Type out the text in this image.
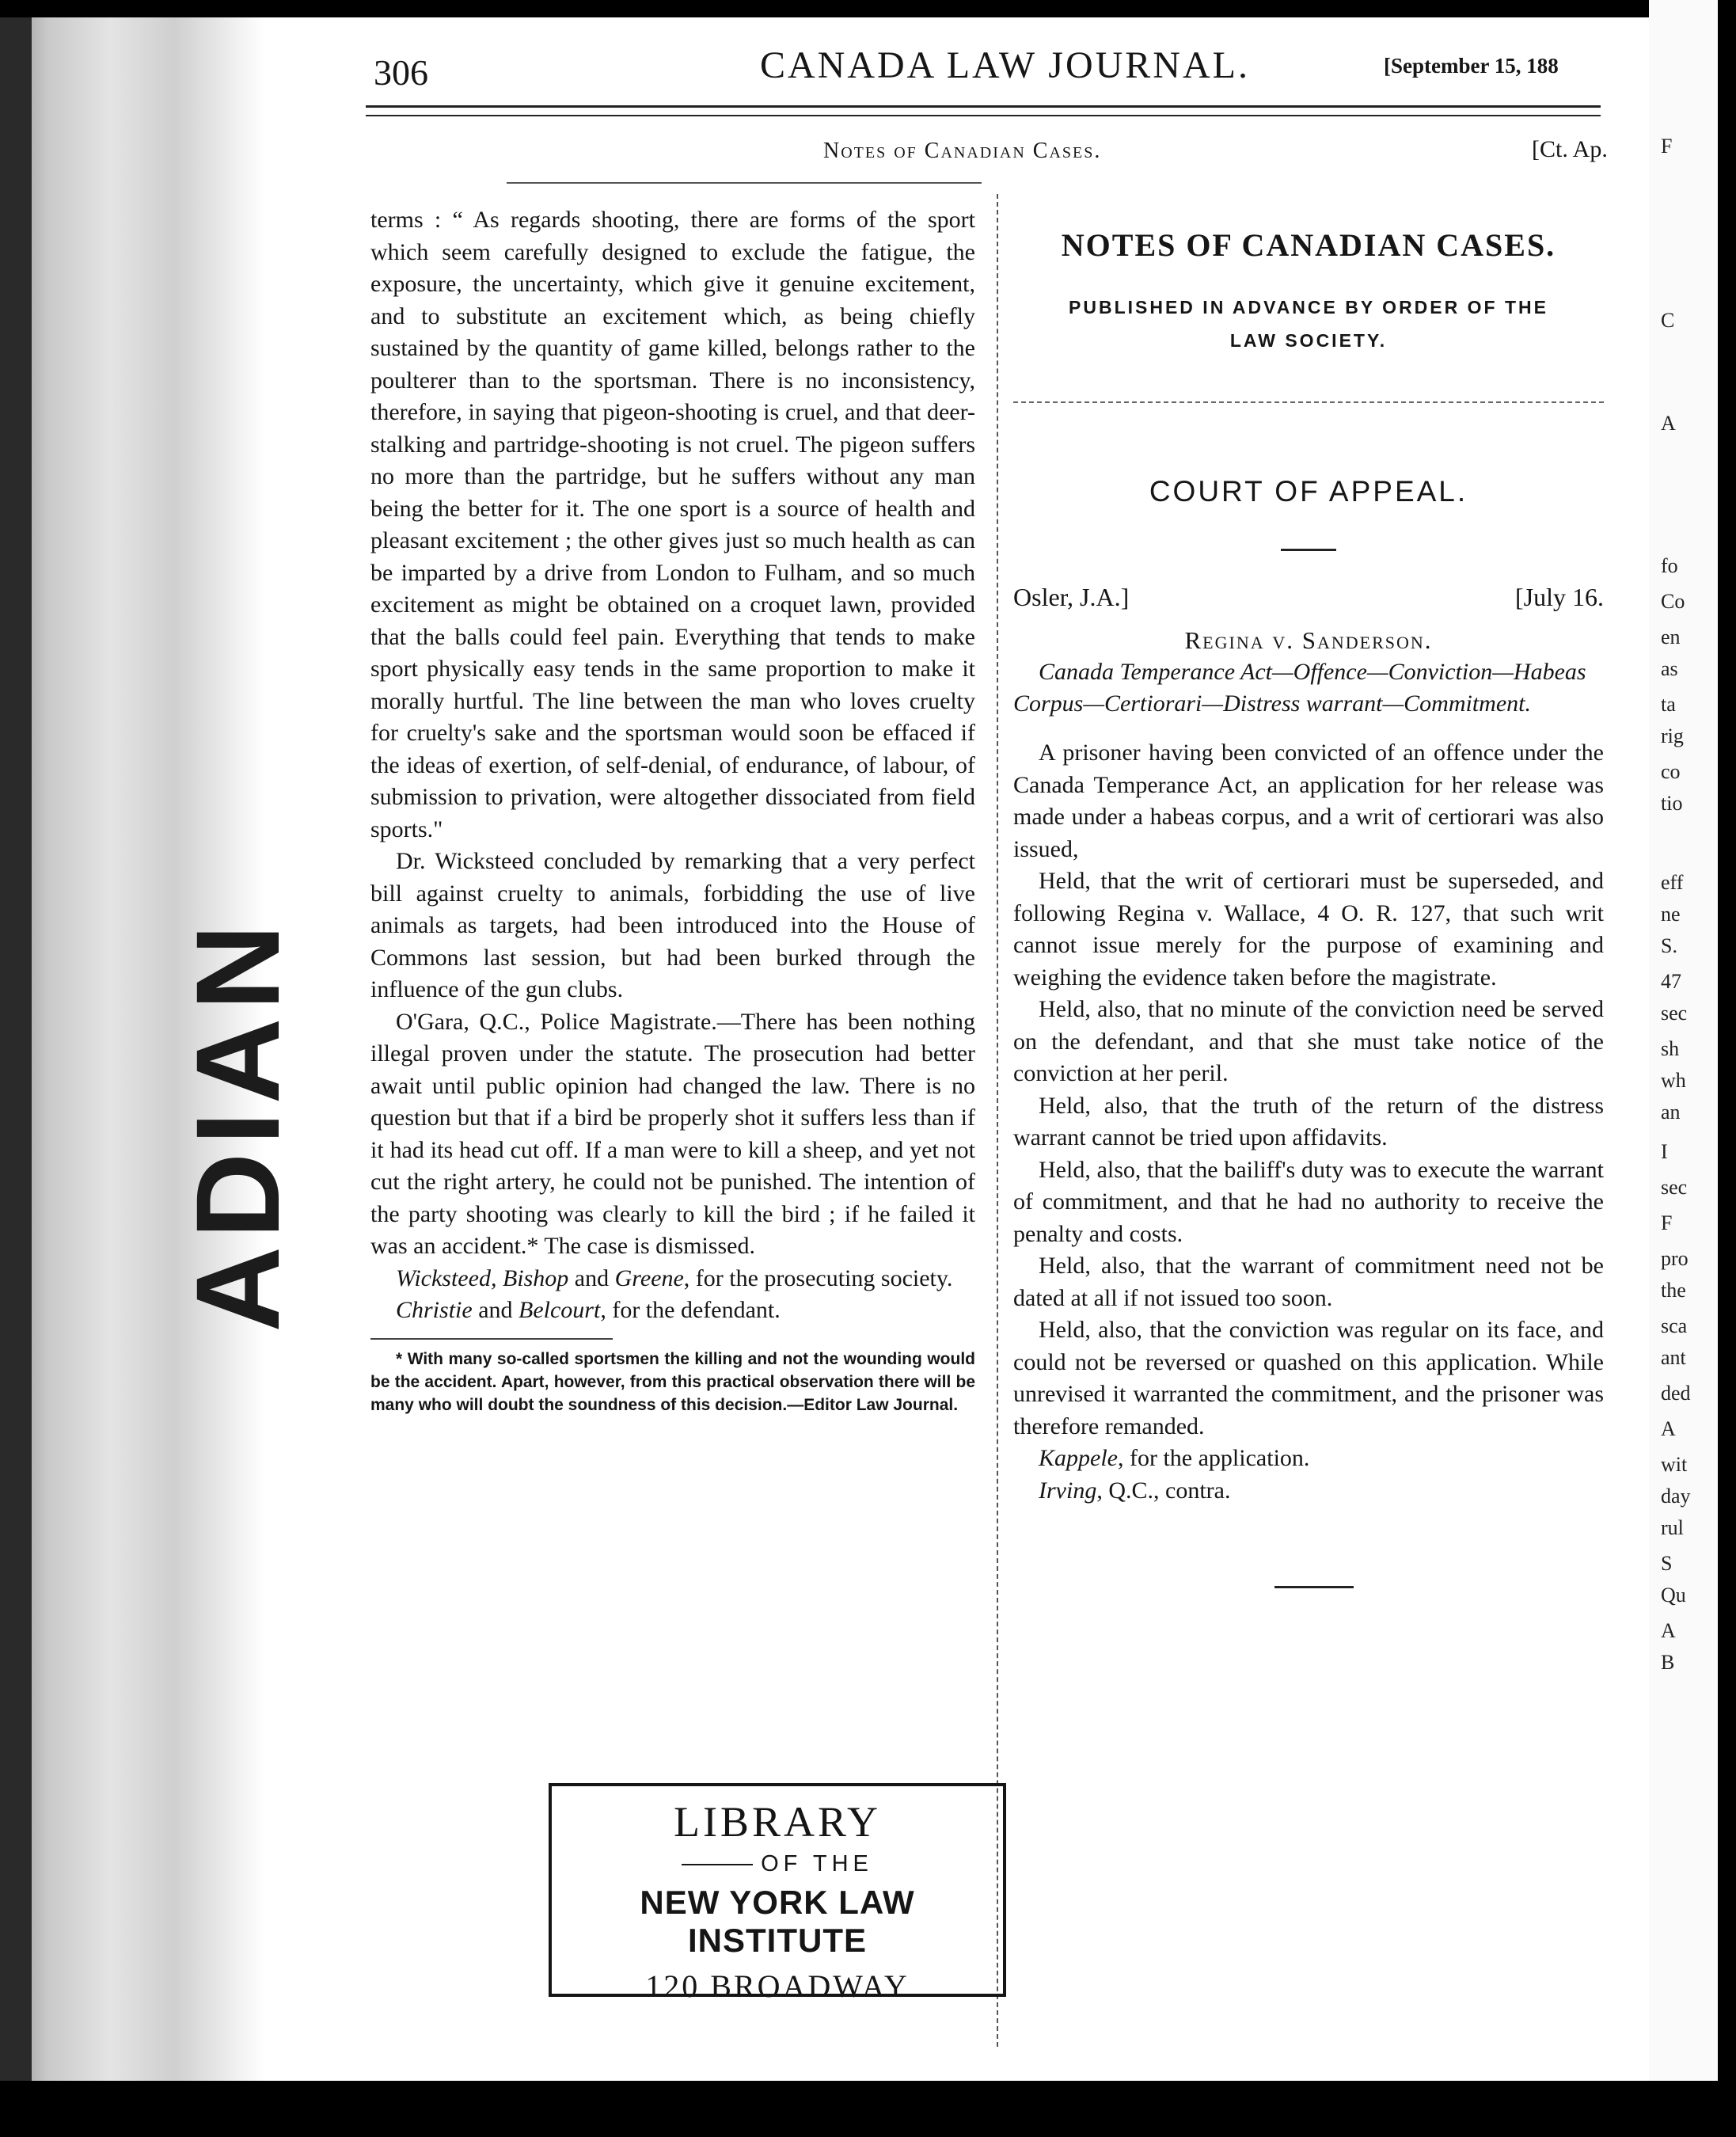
ADIAN
F
C
A
fo
Co
en
as
ta
rig
co
tio
eff
ne
S.
47
sec
sh
wh
an
I
sec
F
pro
the
sca
ant
ded
A
wit
day
rul
S
Qu
A
B
306	CANADA LAW JOURNAL.	[September 15, 188
Notes of Canadian Cases.	[Ct. Ap.

terms : “ As regards shooting, there are forms of the sport which seem carefully designed to exclude the fatigue, the exposure, the uncertainty, which give it genuine excitement, and to substitute an excitement which, as being chiefly sustained by the quantity of game killed, belongs rather to the poulterer than to the sportsman. There is no inconsistency, therefore, in saying that pigeon-shooting is cruel, and that deer-stalking and partridge-shooting is not cruel. The pigeon suffers no more than the partridge, but he suffers without any man being the better for it. The one sport is a source of health and pleasant excitement ; the other gives just so much health as can be imparted by a drive from London to Fulham, and so much excitement as might be obtained on a croquet lawn, provided that the balls could feel pain. Everything that tends to make sport physically easy tends in the same proportion to make it morally hurtful. The line between the man who loves cruelty for cruelty's sake and the sportsman would soon be effaced if the ideas of exertion, of self-denial, of endurance, of labour, of submission to privation, were altogether dissociated from field sports."

Dr. Wicksteed concluded by remarking that a very perfect bill against cruelty to animals, forbidding the use of live animals as targets, had been introduced into the House of Commons last session, but had been burked through the influence of the gun clubs.

O'Gara, Q.C., Police Magistrate.—There has been nothing illegal proven under the statute. The prosecution had better await until public opinion had changed the law. There is no question but that if a bird be properly shot it suffers less than if it had its head cut off. If a man were to kill a sheep, and yet not cut the right artery, he could not be punished. The intention of the party shooting was clearly to kill the bird ; if he failed it was an accident.* The case is dismissed.

Wicksteed, Bishop and Greene, for the prosecuting society.

Christie and Belcourt, for the defendant.

* With many so-called sportsmen the killing and not the wounding would be the accident. Apart, however, from this practical observation there will be many who will doubt the soundness of this decision.—Editor Law Journal.

NOTES OF CANADIAN CASES.
PUBLISHED IN ADVANCE BY ORDER OF THE
LAW SOCIETY.
COURT OF APPEAL.
Osler, J.A.]	[July 16.
Regina v. Sanderson.

Canada Temperance Act—Offence—Conviction—Habeas Corpus—Certiorari—Distress warrant—Commitment.

A prisoner having been convicted of an offence under the Canada Temperance Act, an application for her release was made under a habeas corpus, and a writ of certiorari was also issued,

Held, that the writ of certiorari must be superseded, and following Regina v. Wallace, 4 O. R. 127, that such writ cannot issue merely for the purpose of examining and weighing the evidence taken before the magistrate.

Held, also, that no minute of the conviction need be served on the defendant, and that she must take notice of the conviction at her peril.

Held, also, that the truth of the return of the distress warrant cannot be tried upon affidavits.

Held, also, that the bailiff's duty was to execute the warrant of commitment, and that he had no authority to receive the penalty and costs.

Held, also, that the warrant of commitment need not be dated at all if not issued too soon.

Held, also, that the conviction was regular on its face, and could not be reversed or quashed on this application. While unrevised it warranted the commitment, and the prisoner was therefore remanded.

Kappele, for the application.

Irving, Q.C., contra.

LIBRARY
OF THE
NEW YORK LAW INSTITUTE
120 BROADWAY
